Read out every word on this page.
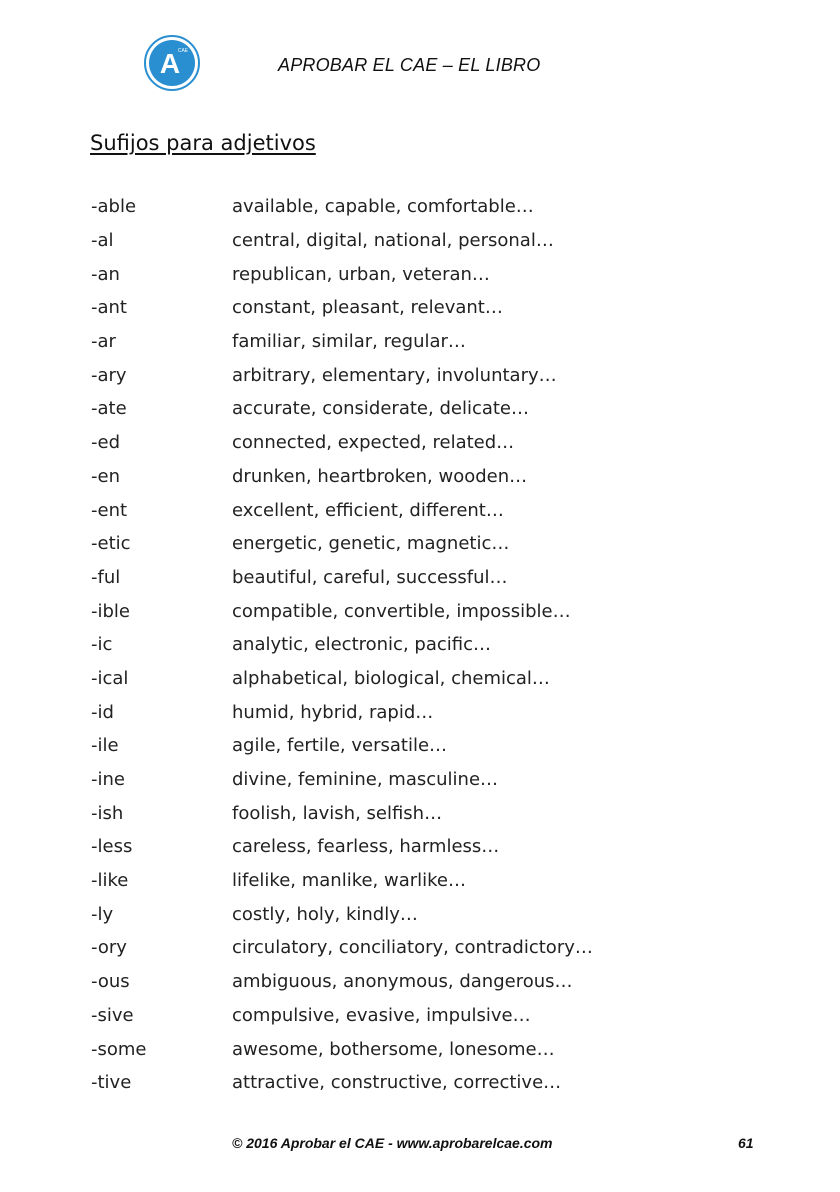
A
CAE
APROBAR EL CAE – EL LIBRO
Sufijos para adjetivos
-able	available, capable, comfortable…
-al	central, digital, national, personal…
-an	republican, urban, veteran…
-ant	constant, pleasant, relevant…
-ar	familiar, similar, regular…
-ary	arbitrary, elementary, involuntary…
-ate	accurate, considerate, delicate…
-ed	connected, expected, related…
-en	drunken, heartbroken, wooden…
-ent	excellent, efficient, different…
-etic	energetic, genetic, magnetic…
-ful	beautiful, careful, successful…
-ible	compatible, convertible, impossible…
-ic	analytic, electronic, pacific…
-ical	alphabetical, biological, chemical…
-id	humid, hybrid, rapid…
-ile	agile, fertile, versatile…
-ine	divine, feminine, masculine…
-ish	foolish, lavish, selfish…
-less	careless, fearless, harmless…
-like	lifelike, manlike, warlike…
-ly	costly, holy, kindly…
-ory	circulatory, conciliatory, contradictory…
-ous	ambiguous, anonymous, dangerous…
-sive	compulsive, evasive, impulsive…
-some	awesome, bothersome, lonesome…
-tive	attractive, constructive, corrective…
© 2016 Aprobar el CAE - www.aprobarelcae.com	61
